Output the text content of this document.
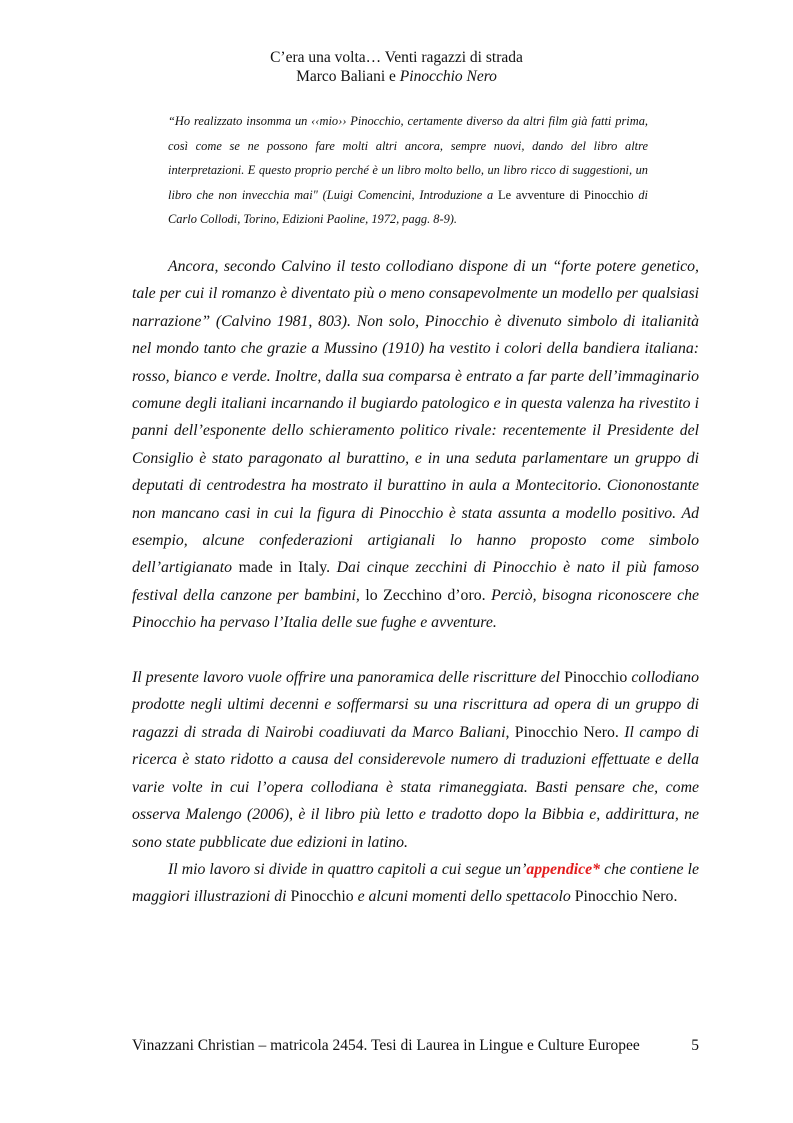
C’era una volta… Venti ragazzi di strada
Marco Baliani e Pinocchio Nero
“Ho realizzato insomma un ‹‹mio›› Pinocchio, certamente diverso da altri film già fatti prima, così come se ne possono fare molti altri ancora, sempre nuovi, dando del libro altre interpretazioni. E questo proprio perché è un libro molto bello, un libro ricco di suggestioni, un libro che non invecchia mai" (Luigi Comencini, Introduzione a Le avventure di Pinocchio di Carlo Collodi, Torino, Edizioni Paoline, 1972, pagg. 8-9).

Ancora, secondo Calvino il testo collodiano dispone di un “forte potere genetico, tale per cui il romanzo è diventato più o meno consapevolmente un modello per qualsiasi narrazione” (Calvino 1981, 803). Non solo, Pinocchio è divenuto simbolo di italianità nel mondo tanto che grazie a Mussino (1910) ha vestito i colori della bandiera italiana: rosso, bianco e verde. Inoltre, dalla sua comparsa è entrato a far parte dell’immaginario comune degli italiani incarnando il bugiardo patologico e in questa valenza ha rivestito i panni dell’esponente dello schieramento politico rivale: recentemente il Presidente del Consiglio è stato paragonato al burattino, e in una seduta parlamentare un gruppo di deputati di centrodestra ha mostrato il burattino in aula a Montecitorio. Ciononostante non mancano casi in cui la figura di Pinocchio è stata assunta a modello positivo. Ad esempio, alcune confederazioni artigianali lo hanno proposto come simbolo dell’artigianato made in Italy. Dai cinque zecchini di Pinocchio è nato il più famoso festival della canzone per bambini, lo Zecchino d’oro. Perciò, bisogna riconoscere che Pinocchio ha pervaso l’Italia delle sue fughe e avventure.

Il presente lavoro vuole offrire una panoramica delle riscritture del Pinocchio collodiano prodotte negli ultimi decenni e soffermarsi su una riscrittura ad opera di un gruppo di ragazzi di strada di Nairobi coadiuvati da Marco Baliani, Pinocchio Nero. Il campo di ricerca è stato ridotto a causa del considerevole numero di traduzioni effettuate e della varie volte in cui l’opera collodiana è stata rimaneggiata. Basti pensare che, come osserva Malengo (2006), è il libro più letto e tradotto dopo la Bibbia e, addirittura, ne sono state pubblicate due edizioni in latino.

Il mio lavoro si divide in quattro capitoli a cui segue un’appendice* che contiene le maggiori illustrazioni di Pinocchio e alcuni momenti dello spettacolo Pinocchio Nero.

Vinazzani Christian – matricola 2454. Tesi di Laurea in Lingue e Culture Europee	5
